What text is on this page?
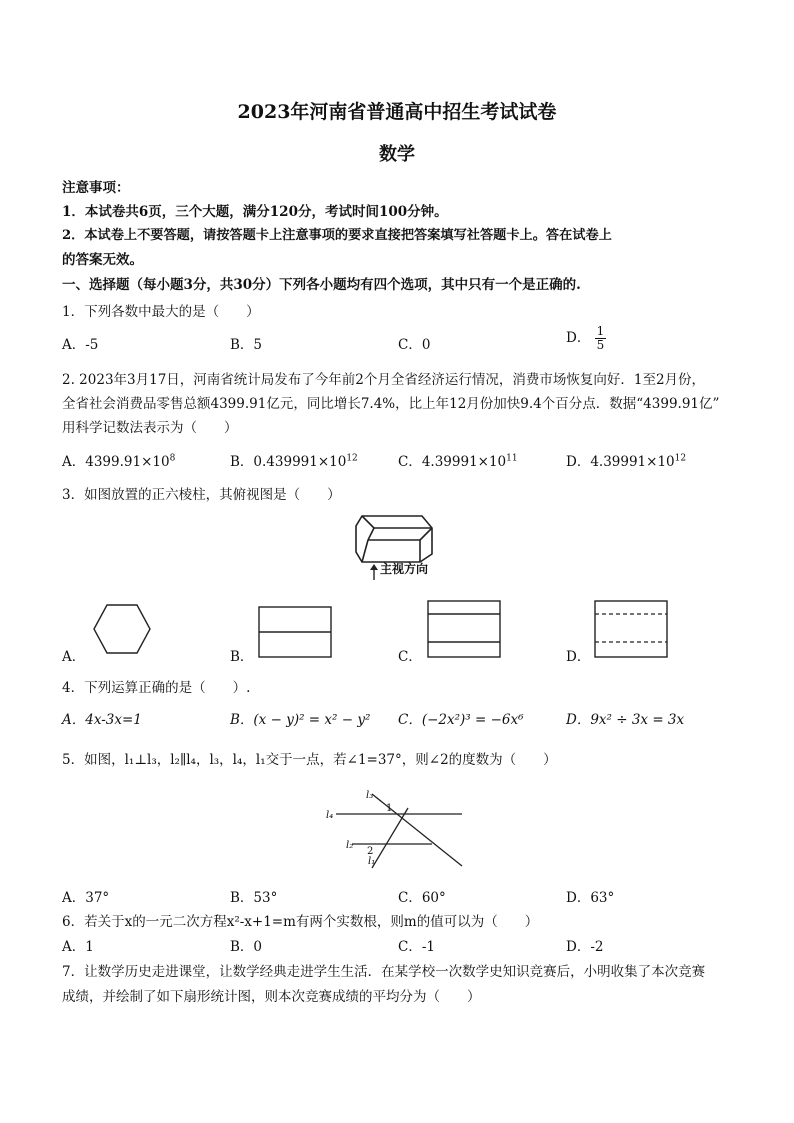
2023年河南省普通高中招生考试试卷
数学
注意事项：
1．本试卷共6页，三个大题，满分120分，考试时间100分钟。
2．本试卷上不要答题，请按答题卡上注意事项的要求直接把答案填写社答题卡上。答在试卷上
的答案无效。
一、选择题（每小题3分，共30分）下列各小题均有四个选项，其中只有一个是正确的.
1．下列各数中最大的是（　　）
A．-5	B．5	C．0	D． $\frac{1}{5}$
2. 2023年3月17日，河南省统计局发布了今年前2个月全省经济运行情况，消费市场恢复向好．1至2月份，
全省社会消费品零售总额4399.91亿元，同比增长7.4%，比上年12月份加快9.4个百分点．数据“4399.91亿”
用科学记数法表示为（　　）
A．$4399.91\times 10^8$	B．$0.439991\times 10^{12}$	C．$4.39991\times 10^{11}$	D．$4.39991\times 10^{12}$
3．如图放置的正六棱柱，其俯视图是（　　）
主视方向
A．	B．	C．	D．
4．下列运算正确的是（　　）.
A．4x-3x=1	B．(x − y)² = x² − y² C．(−2x²)³ = −6x⁶	D．9x² ÷ 3x = 3x
5．如图，l₁⊥l₃，l₂∥l₄，l₃，l₄，l₁交于一点，若∠1=37°，则∠2的度数为（　　）
l₃
l₄
l₂
l₁
1
2
A．37°	B．53°	C．60°	D．63°
6．若关于x的一元二次方程x²-x+1=m有两个实数根，则m的值可以为（　　）
A．1	B．0	C．-1	D．-2
7．让数学历史走进课堂，让数学经典走进学生生活．在某学校一次数学史知识竞赛后，小明收集了本次竞赛
成绩，并绘制了如下扇形统计图，则本次竞赛成绩的平均分为（　　）
